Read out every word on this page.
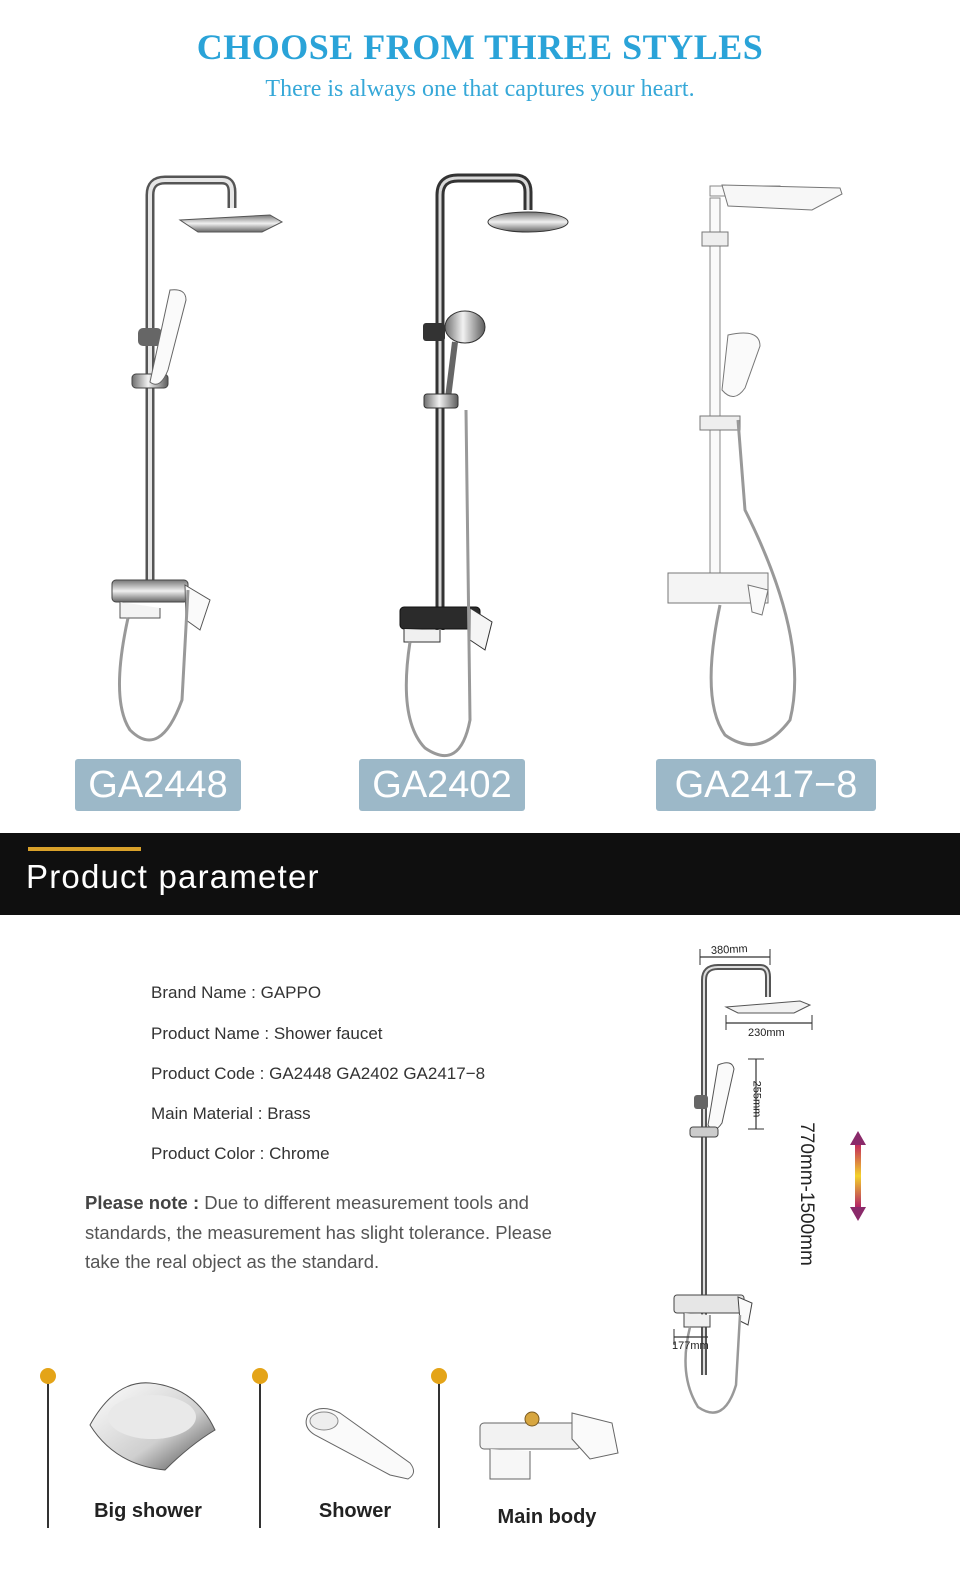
CHOOSE FROM THREE STYLES
There is always one that captures your heart.
GA2448	GA2402	GA2417−8
Product parameter
Brand Name : GAPPO
Product Name : Shower faucet
Product Code : GA2448 GA2402 GA2417−8
Main Material : Brass
Product Color : Chrome
Please note : Due to different measurement tools and standards, the measurement has slight tolerance. Please take the real object as the standard.
380mm
230mm
255mm
177mm
770mm-1500mm
Big shower	Shower	Main body
